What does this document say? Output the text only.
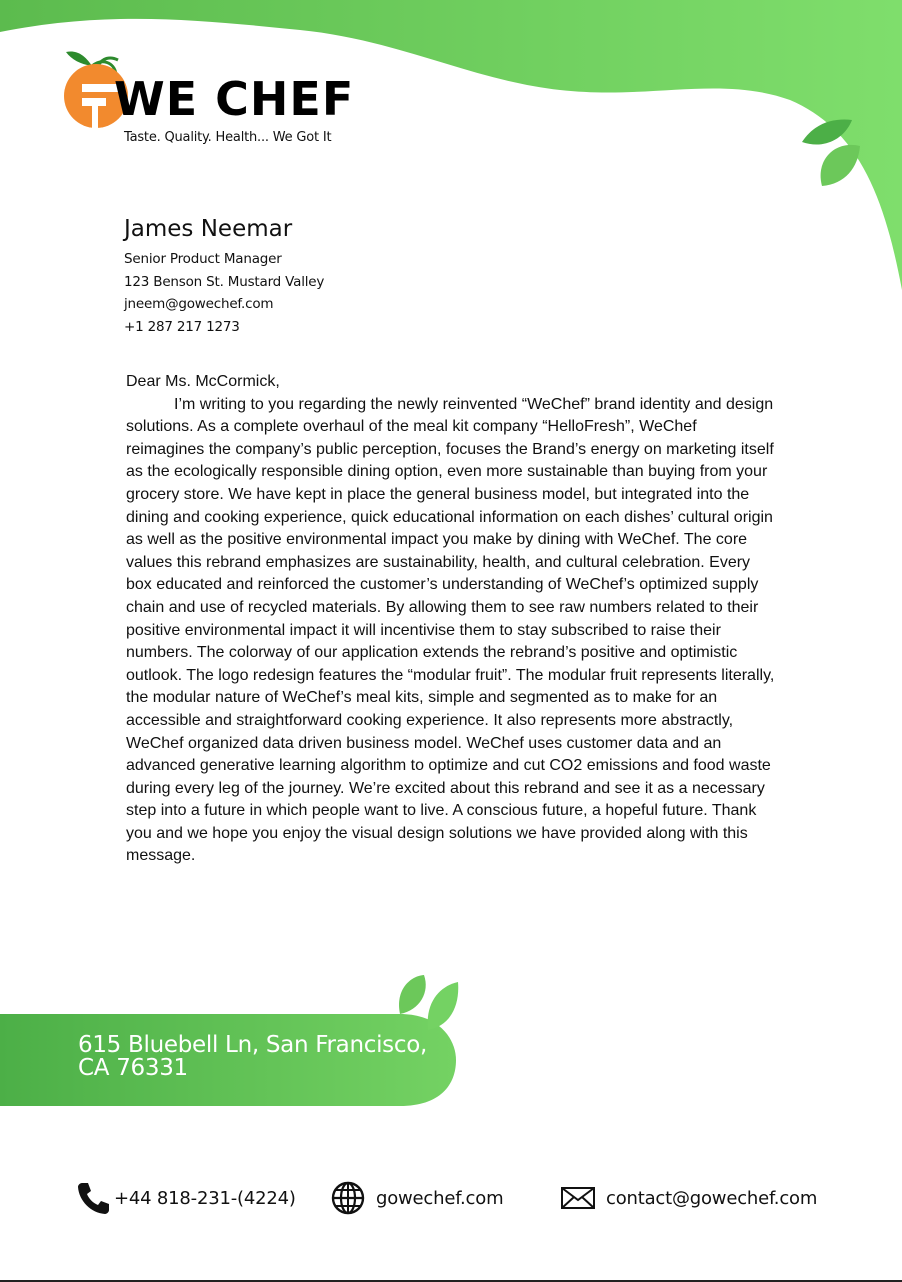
WE CHEF
Taste. Quality. Health... We Got It

James Neemar

Senior Product Manager

123 Benson St. Mustard Valley

jneem@gowechef.com

+1 287 217 1273

Dear Ms. McCormick,

I’m writing to you regarding the newly reinvented “WeChef” brand identity and design solutions. As a complete overhaul of the meal kit company “HelloFresh”, WeChef reimagines the company’s public perception, focuses the Brand’s energy on marketing itself as the ecologically responsible dining option, even more sustainable than buying from your grocery store. We have kept in place the general business model, but integrated into the dining and cooking experience, quick educational information on each dishes’ cultural origin as well as the positive environmental impact you make by dining with WeChef. The core values this rebrand emphasizes are sustainability, health, and cultural celebration. Every box educated and reinforced the customer’s understanding of WeChef’s optimized supply chain and use of recycled materials. By allowing them to see raw numbers related to their positive environmental impact it will incentivise them to stay subscribed to raise their numbers. The colorway of our application extends the rebrand’s positive and optimistic outlook. The logo redesign features the “modular fruit”. The modular fruit represents literally, the modular nature of WeChef’s meal kits, simple and segmented as to make for an accessible and straightforward cooking experience. It also represents more abstractly, WeChef organized data driven business model. WeChef uses customer data and an advanced generative learning algorithm to optimize and cut CO2 emissions and food waste during every leg of the journey. We’re excited about this rebrand and see it as a necessary step into a future in which people want to live. A conscious future, a hopeful future. Thank you and we hope you enjoy the visual design solutions we have provided along with this message.

615 Bluebell Ln, San Francisco, CA 76331
+44 818-231-(4224)	gowechef.com	contact@gowechef.com
